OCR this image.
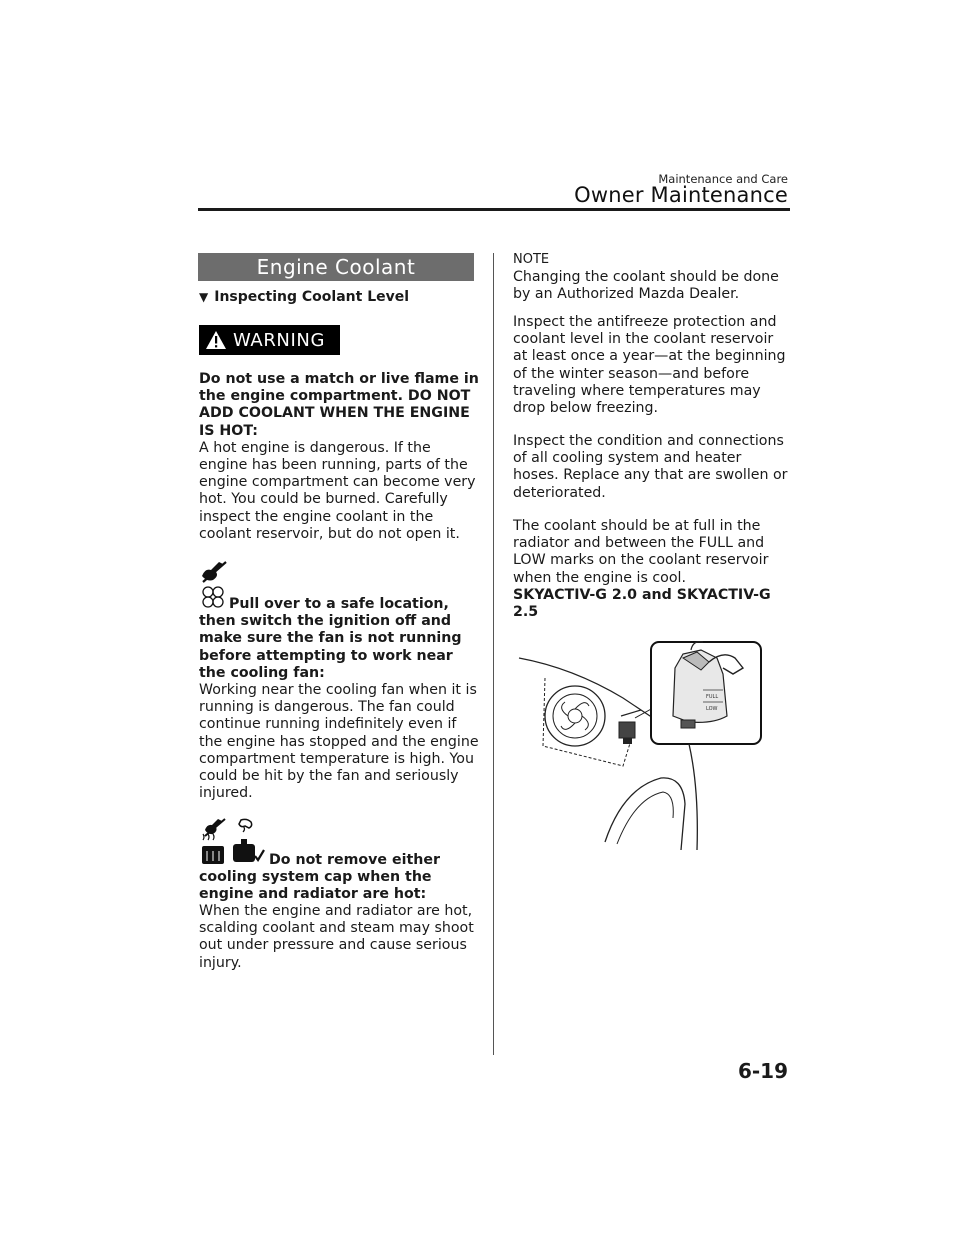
Maintenance and Care
Owner Maintenance
Engine Coolant
▼ Inspecting Coolant Level
WARNING

Do not use a match or live flame in the engine compartment. DO NOT ADD COOLANT WHEN THE ENGINE IS HOT:

A hot engine is dangerous. If the engine has been running, parts of the engine compartment can become very hot. You could be burned. Carefully inspect the engine coolant in the coolant reservoir, but do not open it.

Pull over to a safe location, then switch the ignition off and make sure the fan is not running before attempting to work near the cooling fan:

Working near the cooling fan when it is running is dangerous. The fan could continue running indefinitely even if the engine has stopped and the engine compartment temperature is high. You could be hit by the fan and seriously injured.

Do not remove either cooling system cap when the engine and radiator are hot:

When the engine and radiator are hot, scalding coolant and steam may shoot out under pressure and cause serious injury.

NOTE
Changing the coolant should be done by an Authorized Mazda Dealer.
Inspect the antifreeze protection and coolant level in the coolant reservoir at least once a year—at the beginning of the winter season—and before traveling where temperatures may drop below freezing.
Inspect the condition and connections of all cooling system and heater hoses. Replace any that are swollen or deteriorated.
The coolant should be at full in the radiator and between the FULL and LOW marks on the coolant reservoir when the engine is cool.
SKYACTIV-G 2.0 and SKYACTIV-G 2.5
FULL
LOW
6-19
